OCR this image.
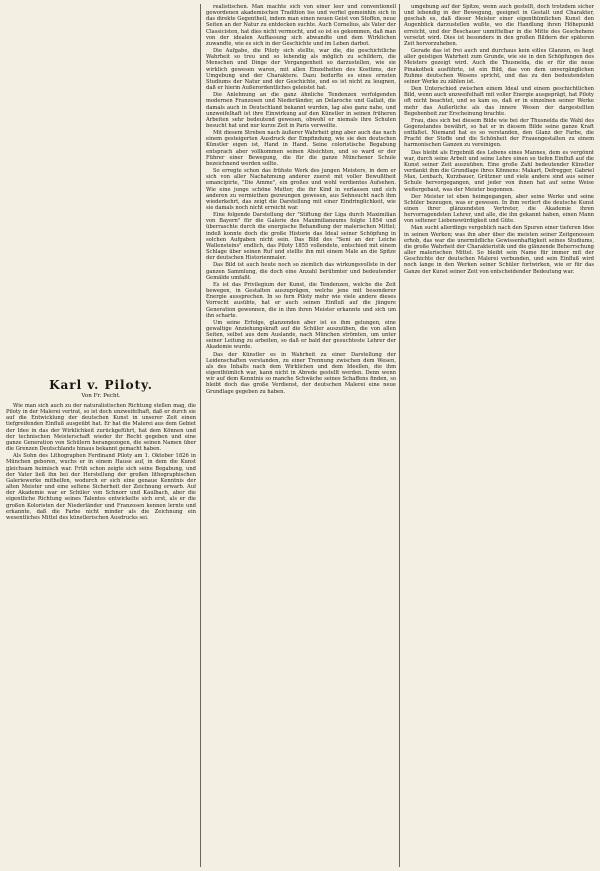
Karl v. Piloty.
Von Fr. Pecht.

Wie man sich auch zu der naturalistischen Richtung stellen mag, die Piloty in der Malerei vertrat, so ist doch unzweifelhaft, daß er durch sie auf die Entwicklung der deutschen Kunst in unserer Zeit einen tiefgreifenden Einfluß ausgeübt hat. Er hat die Malerei aus dem Gebiet der Idee in das der Wirklichkeit zurückgeführt, hat dem Können und der technischen Meisterschaft wieder ihr Recht gegeben und eine ganze Generation von Schülern herangezogen, die seinen Namen über die Grenzen Deutschlands hinaus bekannt gemacht haben.

Als Sohn des Lithographen Ferdinand Piloty am 1. Oktober 1826 in München geboren, wuchs er in einem Hause auf, in dem die Kunst gleichsam heimisch war. Früh schon zeigte sich seine Begabung, und der Vater ließ ihn bei der Herstellung der großen lithographischen Galeriewerke mithelfen, wodurch er sich eine genaue Kenntnis der alten Meister und eine seltene Sicherheit der Zeichnung erwarb. Auf der Akademie war er Schüler von Schnorr und Kaulbach, aber die eigentliche Richtung seines Talentes entwickelte sich erst, als er die großen Koloristen der Niederländer und Franzosen kennen lernte und erkannte, daß die Farbe nicht minder als die Zeichnung ein wesentliches Mittel des künstlerischen Ausdrucks sei.

realistischen. Man machte sich von einer leer und conventionell gewordenen akademischen Tradition los und verfiel gemeinhin sich in das direkte Gegentheil, indem man einen neuen Geist von Stoffen, neue Seiten an der Natur zu entdecken suchte. Auch Cornelius, als Vater der Classicisten, hat dies nicht vermocht, und so ist es gekommen, daß man von der idealen Auffassung sich abwandte und dem Wirklichen zuwandte, wie es sich in der Geschichte und im Leben darbot.

Die Aufgabe, die Piloty sich stellte, war die, die geschichtliche Wahrheit so treu und so lebendig als möglich zu schildern, die Menschen und Dinge der Vergangenheit so darzustellen, wie sie wirklich gewesen waren, mit allen Einzelheiten des Kostüms, der Umgebung und der Charaktere. Dazu bedurfte es eines ernsten Studiums der Natur und der Geschichte, und es ist nicht zu leugnen, daß er hierin Außerordentliches geleistet hat.

Die Anlehnung an die ganz ähnliche Tendenzen verfolgenden modernen Franzosen und Niederländer, an Delaroche und Gallait, die damals auch in Deutschland bekannt wurden, lag also ganz nahe, und unzweifelhaft ist ihre Einwirkung auf den Künstler in seinen früheren Arbeiten sehr bedeutend gewesen, obwohl er niemals ihre Schulen besucht hat und nur kurze Zeit in Paris verweilte.

Mit diesem Streben nach äußerer Wahrheit ging aber auch das nach einem gesteigerten Ausdruck der Empfindung, wie sie den deutschen Künstler eigen ist, Hand in Hand. Seine coloristische Begabung entsprach aber vollkommen seinen Absichten, und so ward er der Führer einer Bewegung, die für die ganze Münchener Schule bezeichnend werden sollte.

So erregte schon das frühste Werk des jungen Meisters, in dem er sich von aller Nachahmung anderer zuerst mit voller Bewußtheit emancipirte, "Die Amme", ein großes und wohl verdientes Aufsehen. Wie eine junge schöne Mutter, die ihr Kind in verlassen und sich anderen zu vermiethen gezwungen gewesen, aus Sehnsucht nach ihm wiederkehrt, das zeigt die Darstellung mit einer Eindringlichkeit, wie sie damals noch nicht erreicht war.

Eine folgende Darstellung der "Stiftung der Liga durch Maximilian von Bayern" für die Galerie des Maximilianeums folgte 1854 und überraschte durch die energische Behandlung der malerischen Mittel; indeß konnte doch die große Historie das Ideal seiner Schöpfung in solchen Aufgaben nicht sein. Das Bild des "Seni an der Leiche Wallensteins" endlich, das Piloty 1855 vollendete, entschied mit einem Schlage über seinen Ruf und stellte ihn mit einem Male an die Spitze der deutschen Historienmaler.

Das Bild ist auch heute noch so ziemlich das wirkungsvollste in der ganzen Sammlung, die doch eine Anzahl berühmter und bedeutender Gemälde umfaßt.

Es ist das Privilegium der Kunst, die Tendenzen, welche die Zeit bewegen, in Gestalten auszuprägen, welche jene mit besonderer Energie aussprechen. In so fern Piloty mehr wie viele andere dieses Vorrecht ausübte, hat er auch seinen Einfluß auf die jüngere Generation gewonnen, die in ihm ihren Meister erkannte und sich um ihn scharte.

Um seine Erfolge, glanzenden aber ist es ihm gelungen, eine gewaltige Anziehungskraft auf die Schüler auszuüben, die von allen Seiten, selbst aus dem Auslande, nach München strömten, um unter seiner Leitung zu arbeiten, so daß er bald der gesuchteste Lehrer der Akademie wurde.

Das der Künstler es in Wahrheit zu einer Darstellung der Leidenschaften verstanden, zu einer Trennung zwischen dem Wesen, als des Inhalts nach dem Wirklichen und dem Ideellen, die ihm eigenthümlich war, kann nicht in Abrede gestellt werden. Denn wenn wir auf dem Kenntnis so manche Schwäche seines Schaffens finden, so bleibt doch das große Verdienst, der deutschen Malerei eine neue Grundlage gegeben zu haben.

umgebung auf der Spitze, wenn auch gestellt, doch trotzdem sicher und lebendig in der Bewegung, geeignet in Gestalt und Charakter, geschah es, daß dieser Meister einer eigenthümlichen Kunst den Augenblick darzustellen wußte, wo die Handlung ihren Höhepunkt erreicht, und der Beschauer unmittelbar in die Mitte des Geschehens versetzt wird. Dies ist besonders in den großen Bildern der späteren Zeit hervorzuheben.

Gerade das ist frei auch und durchaus kein eitles Glanzen, es liegt aller geistigen Wahrheit zum Grunde, wie sie in den Schöpfungen des Meisters gezeigt wird. Auch die Thusnelda, die er für die neue Pinakothek ausführte, ist ein Bild, das von dem unvergänglichen Ruhme deutschen Wesens spricht, und das zu den bedeutendsten seiner Werke zu zählen ist.

Den Unterschied zwischen einem Ideal und einem geschichtlichen Bild, wenn auch unzweifelhaft mit voller Energie ausgeprägt, hat Piloty oft nicht beachtet, und so kam es, daß er in einzelnen seiner Werke mehr das Außerliche als das innere Wesen der dargestellten Begebenheit zur Erscheinung brachte.

Frau, dies sich bei diesem Bilde wie bei der Thusnelda die Wahl des Gegenstandes bewährt, so hat er in diesem Bilde seine ganze Kraft entfaltet. Niemand hat es so verstanden, den Glanz der Farbe, die Pracht der Stoffe und die Schönheit der Frauengestalten zu einem harmonischen Ganzen zu vereinigen.

Das bleibt als Ergebniß des Lebens eines Mannes, dem es vergönnt war, durch seine Arbeit und seine Lehre einen so tiefen Einfluß auf die Kunst seiner Zeit auszuüben. Eine große Zahl bedeutender Künstler verdankt ihm die Grundlage ihres Könnens: Makart, Defregger, Gabriel Max, Lenbach, Kurzbauer, Grützner und viele andere sind aus seiner Schule hervorgegangen, und jeder von ihnen hat auf seine Weise weitergebaut, was der Meister begonnen.

Der Meister ist eben heimgegangen, aber seine Werke und seine Schüler bezeugen, was er gewesen. In ihm verliert die deutsche Kunst einen ihrer glänzendsten Vertreter, die Akademie ihren hervorragendsten Lehrer, und alle, die ihn gekannt haben, einen Mann von seltener Liebenswürdigkeit und Güte.

Man sucht allerdings vergeblich nach den Spuren einer tieferen Idee in seinen Werken; was ihn aber über die meisten seiner Zeitgenossen erhob, das war die unermüdliche Gewissenhaftigkeit seines Studiums, die große Wahrheit der Charakteristik und die glänzende Beherrschung aller malerischen Mittel. So bleibt sein Name für immer mit der Geschichte der deutschen Malerei verbunden, und sein Einfluß wird noch lange in den Werken seiner Schüler fortwirken, wie er für das Ganze der Kunst seiner Zeit von entscheidender Bedeutung war.
